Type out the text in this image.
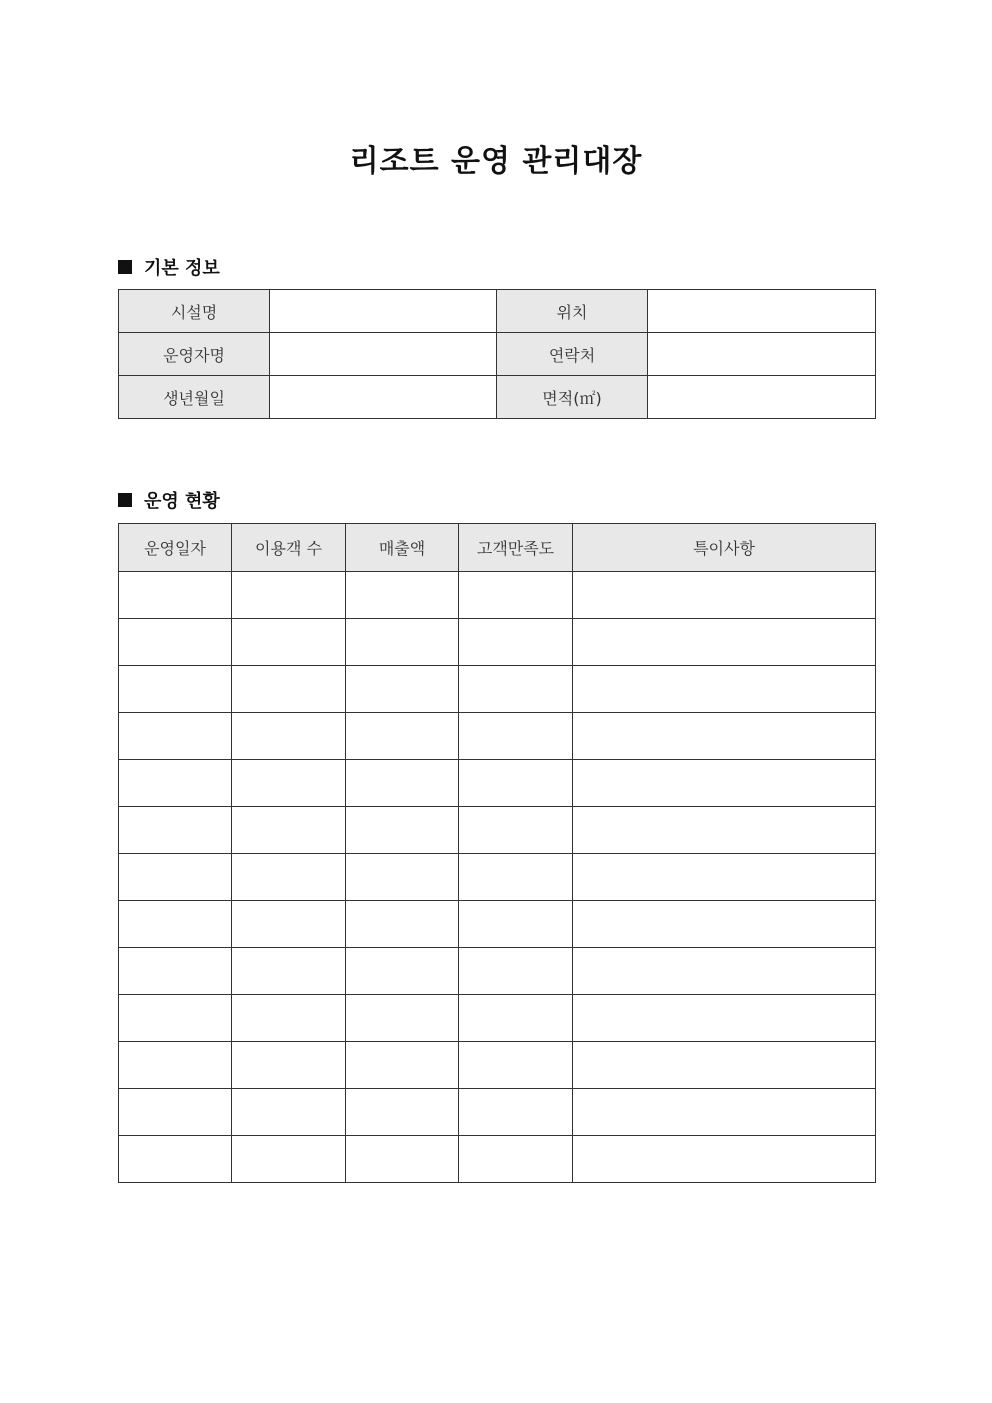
리조트 운영 관리대장
기본 정보
시설명		위치	
운영자명		연락처	
생년월일		면적(㎡)	
운영 현황
운영일자	이용객 수	매출액	고객만족도	특이사항
